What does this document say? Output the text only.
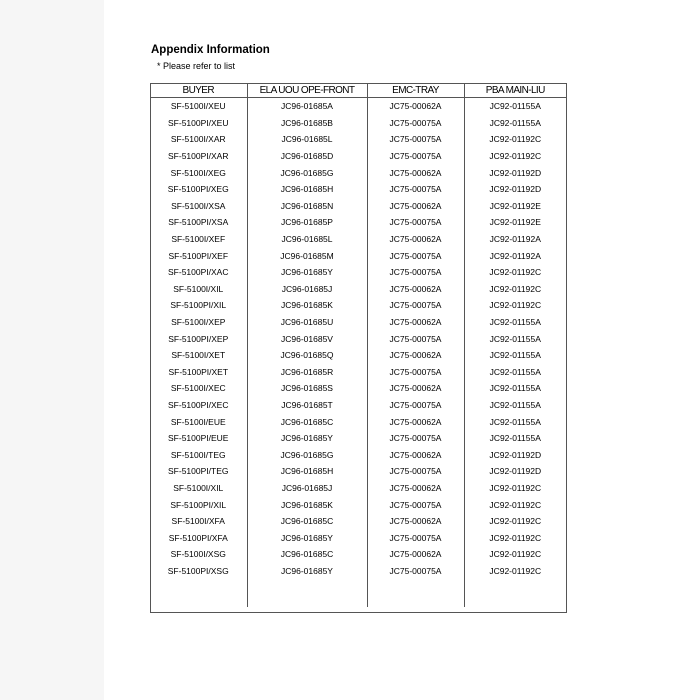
Appendix Information
* Please refer to list
BUYER	ELA UOU OPE-FRONT	EMC-TRAY	PBA MAIN-LIU
SF-5100I/XEU	JC96-01685A	JC75-00062A	JC92-01155A
SF-5100PI/XEU	JC96-01685B	JC75-00075A	JC92-01155A
SF-5100I/XAR	JC96-01685L	JC75-00075A	JC92-01192C
SF-5100PI/XAR	JC96-01685D	JC75-00075A	JC92-01192C
SF-5100I/XEG	JC96-01685G	JC75-00062A	JC92-01192D
SF-5100PI/XEG	JC96-01685H	JC75-00075A	JC92-01192D
SF-5100I/XSA	JC96-01685N	JC75-00062A	JC92-01192E
SF-5100PI/XSA	JC96-01685P	JC75-00075A	JC92-01192E
SF-5100I/XEF	JC96-01685L	JC75-00062A	JC92-01192A
SF-5100PI/XEF	JC96-01685M	JC75-00075A	JC92-01192A
SF-5100PI/XAC	JC96-01685Y	JC75-00075A	JC92-01192C
SF-5100I/XIL	JC96-01685J	JC75-00062A	JC92-01192C
SF-5100PI/XIL	JC96-01685K	JC75-00075A	JC92-01192C
SF-5100I/XEP	JC96-01685U	JC75-00062A	JC92-01155A
SF-5100PI/XEP	JC96-01685V	JC75-00075A	JC92-01155A
SF-5100I/XET	JC96-01685Q	JC75-00062A	JC92-01155A
SF-5100PI/XET	JC96-01685R	JC75-00075A	JC92-01155A
SF-5100I/XEC	JC96-01685S	JC75-00062A	JC92-01155A
SF-5100PI/XEC	JC96-01685T	JC75-00075A	JC92-01155A
SF-5100I/EUE	JC96-01685C	JC75-00062A	JC92-01155A
SF-5100PI/EUE	JC96-01685Y	JC75-00075A	JC92-01155A
SF-5100I/TEG	JC96-01685G	JC75-00062A	JC92-01192D
SF-5100PI/TEG	JC96-01685H	JC75-00075A	JC92-01192D
SF-5100I/XIL	JC96-01685J	JC75-00062A	JC92-01192C
SF-5100PI/XIL	JC96-01685K	JC75-00075A	JC92-01192C
SF-5100I/XFA	JC96-01685C	JC75-00062A	JC92-01192C
SF-5100PI/XFA	JC96-01685Y	JC75-00075A	JC92-01192C
SF-5100I/XSG	JC96-01685C	JC75-00062A	JC92-01192C
SF-5100PI/XSG	JC96-01685Y	JC75-00075A	JC92-01192C
